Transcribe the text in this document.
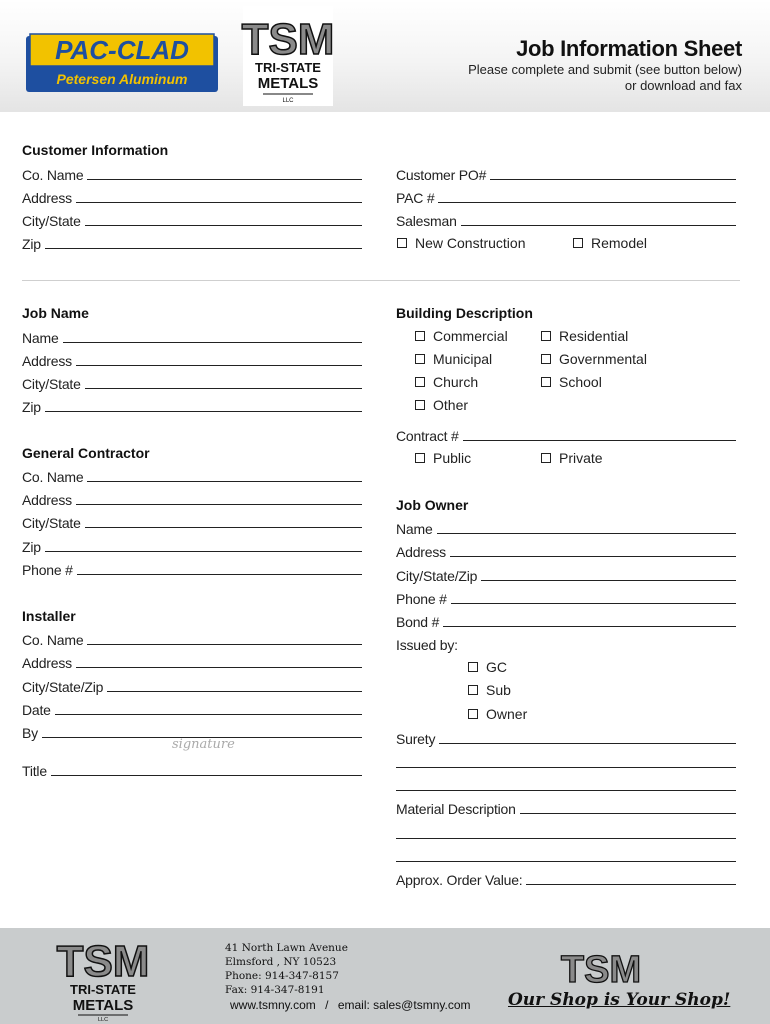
PAC-CLAD
Petersen Aluminum
TSM
TRI-STATE
METALS
LLC
Job Information Sheet
Please complete and submit (see button below)
or download and fax
Customer Information
Co. Name
Address
City/State
Zip
Customer PO#
PAC #
Salesman
New Construction	Remodel
Job Name
Name
Address
City/State
Zip
Building Description
Commercial	Residential
Municipal	Governmental
Church	School
Other
Contract #
Public	Private
General Contractor
Co. Name
Address
City/State
Zip
Phone #
Job Owner
Name
Address
City/State/Zip
Phone #
Bond #
Issued by:
GC
Sub
Owner
Surety
Material Description
Approx. Order Value:
Installer
Co. Name
Address
City/State/Zip
Date
By
signature
Title
TSM
TRI-STATE
METALS
LLC
41 North Lawn Avenue
Elmsford , NY 10523
Phone: 914-347-8157
Fax: 914-347-8191
www.tsmny.com / email: sales@tsmny.com
TSM
Our Shop is Your Shop!
